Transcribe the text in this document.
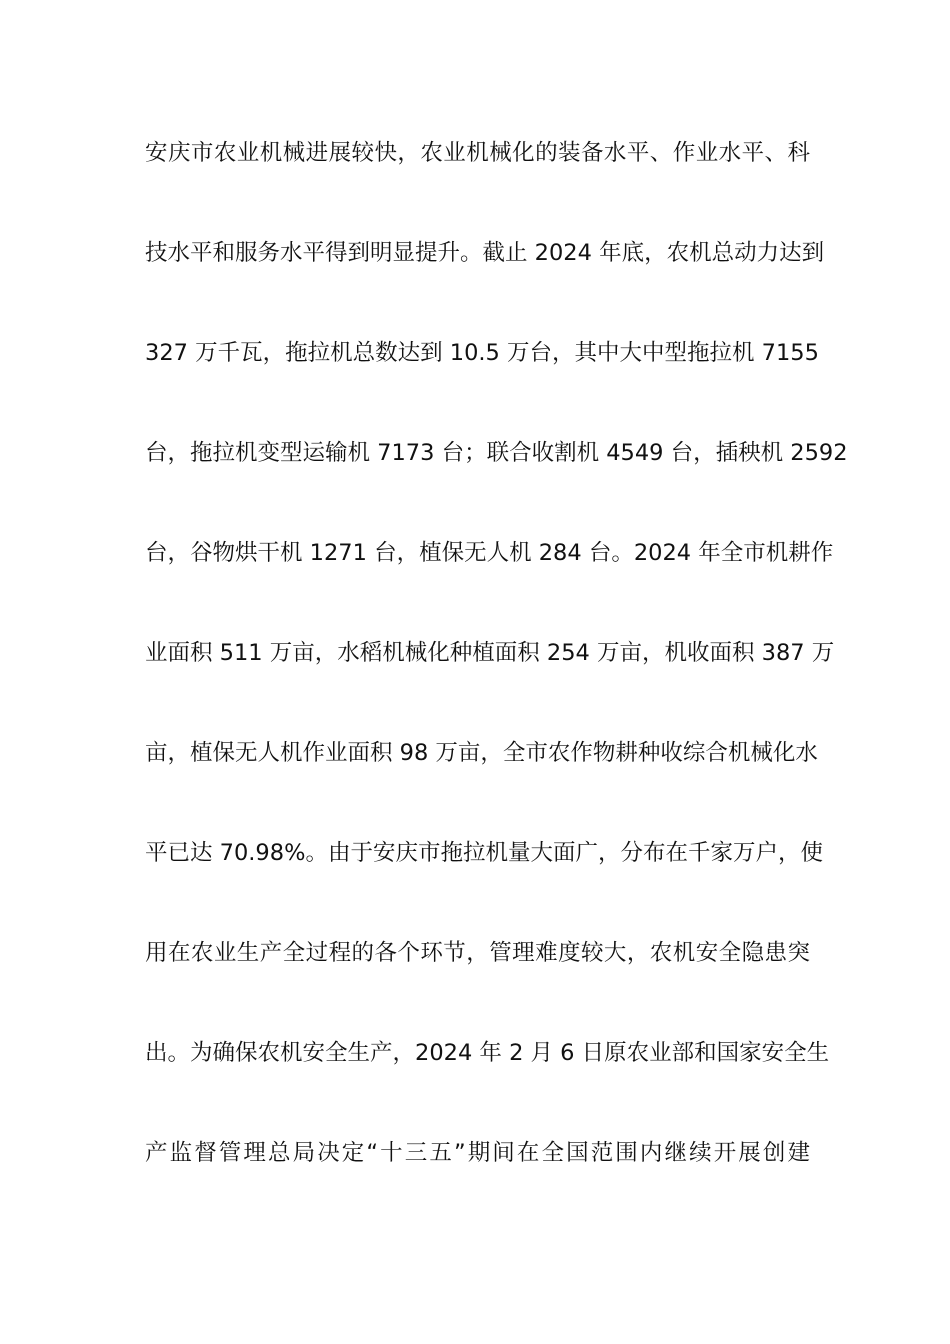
安庆市农业机械进展较快，农业机械化的装备水平、作业水平、科
技水平和服务水平得到明显提升。截止 2024 年底，农机总动力达到
327 万千瓦，拖拉机总数达到 10.5 万台，其中大中型拖拉机 7155
台，拖拉机变型运输机 7173 台；联合收割机 4549 台，插秧机 2592
台，谷物烘干机 1271 台，植保无人机 284 台。2024 年全市机耕作
业面积 511 万亩，水稻机械化种植面积 254 万亩，机收面积 387 万
亩，植保无人机作业面积 98 万亩，全市农作物耕种收综合机械化水
平已达 70.98%。由于安庆市拖拉机量大面广，分布在千家万户，使
用在农业生产全过程的各个环节，管理难度较大，农机安全隐患突
出。为确保农机安全生产，2024 年 2 月 6 日原农业部和国家安全生
产监督管理总局决定“十三五”期间在全国范围内继续开展创建
